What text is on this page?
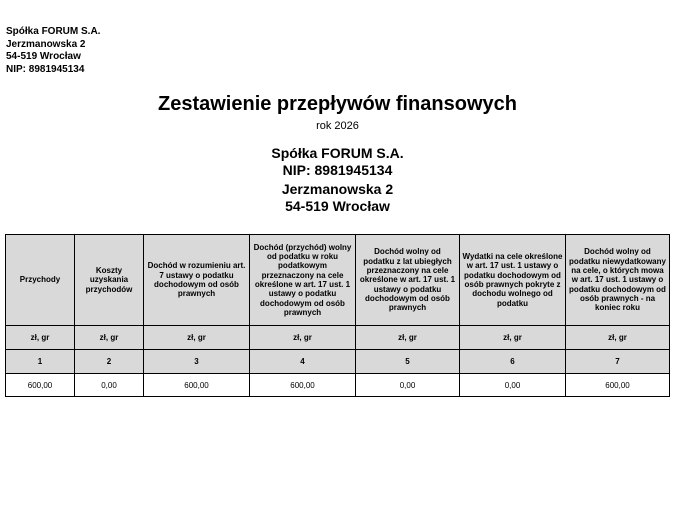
Spółka FORUM S.A.
Jerzmanowska 2
54-519 Wrocław
NIP: 8981945134
Zestawienie przepływów finansowych
rok 2026
Spółka FORUM S.A.
NIP: 8981945134
Jerzmanowska 2
54-519 Wrocław
Przychody	Koszty uzyskania przychodów	Dochód w rozumieniu art. 7 ustawy o podatku dochodowym od osób prawnych	Dochód (przychód) wolny od podatku w roku podatkowym przeznaczony na cele określone w art. 17 ust. 1 ustawy o podatku dochodowym od osób prawnych	Dochód wolny od podatku z lat ubiegłych przeznaczony na cele określone w art. 17 ust. 1 ustawy o podatku dochodowym od osób prawnych	Wydatki na cele określone w art. 17 ust. 1 ustawy o podatku dochodowym od osób prawnych pokryte z dochodu wolnego od podatku	Dochód wolny od podatku niewydatkowany na cele, o których mowa w art. 17 ust. 1 ustawy o podatku dochodowym od osób prawnych - na koniec roku
zł, gr	zł, gr	zł, gr	zł, gr	zł, gr	zł, gr	zł, gr
1	2	3	4	5	6	7
600,00	0,00	600,00	600,00	0,00	0,00	600,00
